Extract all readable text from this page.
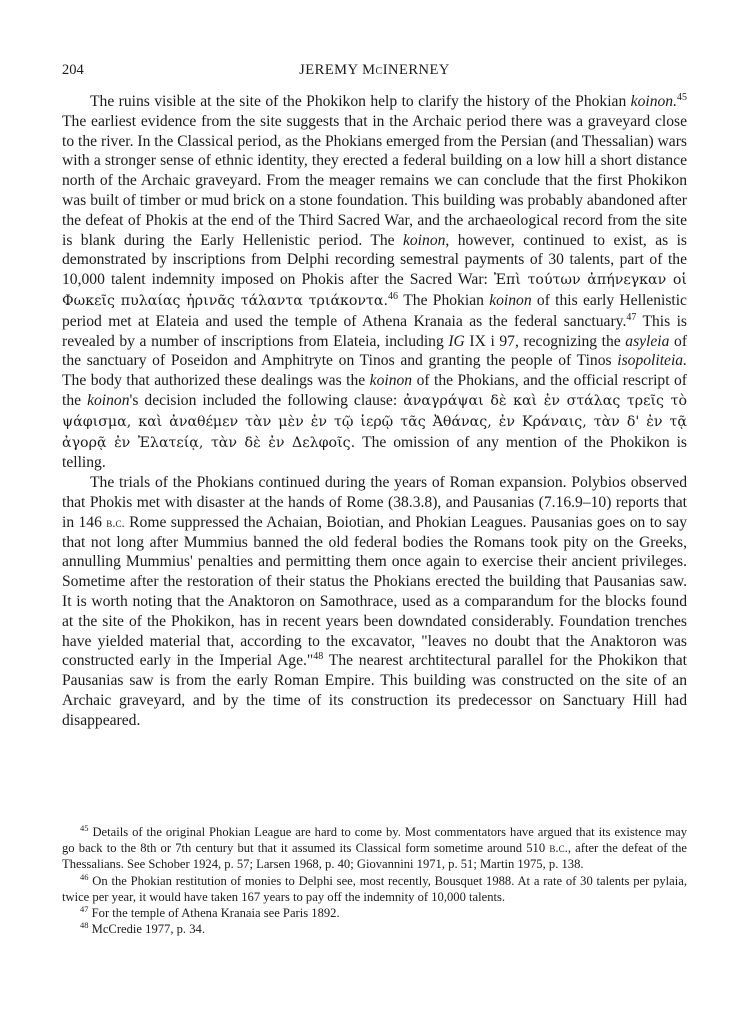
204	JEREMY McINERNEY

The ruins visible at the site of the Phokikon help to clarify the history of the Phokian koinon.$^{45}$ The earliest evidence from the site suggests that in the Archaic period there was a graveyard close to the river. In the Classical period, as the Phokians emerged from the Persian (and Thessalian) wars with a stronger sense of ethnic identity, they erected a federal building on a low hill a short distance north of the Archaic graveyard. From the meager remains we can conclude that the first Phokikon was built of timber or mud brick on a stone foundation. This building was probably abandoned after the defeat of Phokis at the end of the Third Sacred War, and the archaeological record from the site is blank during the Early Hellenistic period. The koinon, however, continued to exist, as is demonstrated by inscriptions from Delphi recording semestral payments of 30 talents, part of the 10,000 talent indemnity imposed on Phokis after the Sacred War: Ἐπὶ τούτων ἀπήνεγκαν οἱ Φωκεῖς πυλαίας ἠρινᾶς τάλαντα τριάκοντα.$^{46}$ The Phokian koinon of this early Hellenistic period met at Elateia and used the temple of Athena Kranaia as the federal sanctuary.$^{47}$ This is revealed by a number of inscriptions from Elateia, including IG IX i 97, recognizing the asyleia of the sanctuary of Poseidon and Amphitryte on Tinos and granting the people of Tinos isopoliteia. The body that authorized these dealings was the koinon of the Phokians, and the official rescript of the koinon's decision included the following clause: ἀναγράψαι δὲ καὶ ἐν στάλας τρεῖς τὸ ψάφισμα, καὶ ἀναθέμεν τὰν μὲν ἐν τῷ ἱερῷ τᾶς Ἀθάνας, ἐν Κράναις, τὰν δ' ἐν τᾷ ἀγορᾷ ἐν Ἐλατείᾳ, τὰν δὲ ἐν Δελφοῖς. The omission of any mention of the Phokikon is telling.

The trials of the Phokians continued during the years of Roman expansion. Polybios observed that Phokis met with disaster at the hands of Rome (38.3.8), and Pausanias (7.16.9–10) reports that in 146 b.c. Rome suppressed the Achaian, Boiotian, and Phokian Leagues. Pausanias goes on to say that not long after Mummius banned the old federal bodies the Romans took pity on the Greeks, annulling Mummius' penalties and permitting them once again to exercise their ancient privileges. Sometime after the restoration of their status the Phokians erected the building that Pausanias saw. It is worth noting that the Anaktoron on Samothrace, used as a comparandum for the blocks found at the site of the Phokikon, has in recent years been downdated considerably. Foundation trenches have yielded material that, according to the excavator, "leaves no doubt that the Anaktoron was constructed early in the Imperial Age."$^{48}$ The nearest archtitectural parallel for the Phokikon that Pausanias saw is from the early Roman Empire. This building was constructed on the site of an Archaic graveyard, and by the time of its construction its predecessor on Sanctuary Hill had disappeared.

$^{45}$ Details of the original Phokian League are hard to come by. Most commentators have argued that its existence may go back to the 8th or 7th century but that it assumed its Classical form sometime around 510 b.c., after the defeat of the Thessalians. See Schober 1924, p. 57; Larsen 1968, p. 40; Giovannini 1971, p. 51; Martin 1975, p. 138.

$^{46}$ On the Phokian restitution of monies to Delphi see, most recently, Bousquet 1988. At a rate of 30 talents per pylaia, twice per year, it would have taken 167 years to pay off the indemnity of 10,000 talents.

$^{47}$ For the temple of Athena Kranaia see Paris 1892.

$^{48}$ McCredie 1977, p. 34.
